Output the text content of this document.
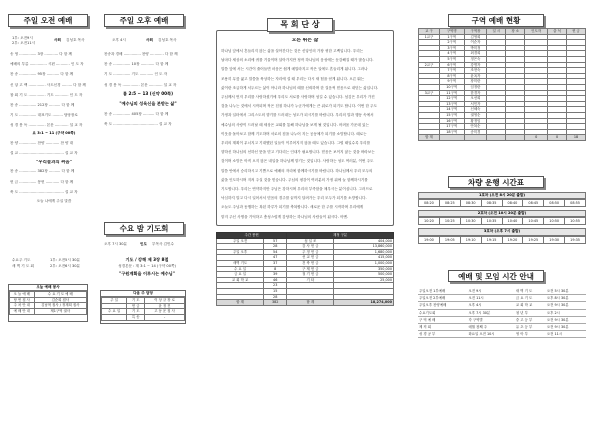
주일 오전 예배	주일 오후 예배
1부: 오전9시
2부: 오전11시
사회	김성호 목사	오후 4시	사회	김성호 목사
송 영 ............... 3장 ............ 다 함 께
예배의 부름 ............... 시편 ............ 인 도 자
찬 송 ............... 95장 ........... 다 함 께
신 앙 고 백 ............... 사도신경 ......... 다 함 께
참 회 기 도 ............... 기도 ............ 인 도 자
찬 송 ............... 212장 .......... 다 함 께
기 도 ............... 대표기도 ......... 담당장로
성 경 봉 독 ............... 본문 ............ 설 교 자
요 3:1 ~ 11 (구약 00쪽)
찬 양 ............... 찬양 ............ 찬 양 대
설 교 ....................................... 설 교 자
"우리들과의 싸움"
찬 송 ............... 382장 .......... 다 함 께
헌 금 ............... 봉헌 ............ 다 함 께
축 도 ....................................... 설 교 자
오늘 나에게 주실 말씀
찬송과 경배 ............... 찬양 ............ 다 함 께
찬 송 ............... 10장 ............ 다 함 께
기 도 ............... 기도 ............ 인 도 자
성 경 봉 독 ............... 본문 ............ 설 교 자
롬 2:5 ~ 13 (신약 00쪽)
"예수님의 성육신을 본받는 삶"
찬 송 ............... 405장 .......... 다 함 께
축 도 ....................................... 설 교 자
수요 밤 기도회
오후 7시 30분	인도	부목사 김민수
수요주 기도
새 벽 기 도 회
1부: 오전5시 30분
2부: 오전6시 30분
기도 / 강해 제 3장 8절
성경본문 : 계 3:1 ~ 14 (구약 00쪽)
"구원계획을 이루시는 예수님"
오늘 예배 봉사
오 늘 예 배	수 요 기 도 예 배
당 번 집 사	김순희 집사
주 차 안 내	김남혁 집사 / 정재희 집사
예 배 안 내	제1구역 권사
다음 주 담당
주 일	기 도	이 상 규 장 로
	헌 금	윤 정 진
수 요 일	기 도	고 동 운 집 사
	특 송	-
목 회 단 상
오른 뛰는 삶
하나님 앞에서 흔들리지 않는 삶을 살아간다는 것은 신앙인의 가장 귀한 고백입니다. 우리는
날마다 세상의 소리에 귀를 기울이며 살아가지만 정작 하나님의 음성에는 둔감해질 때가 많습니다.
말씀 앞에 서는 시간이 줄어들면 마음은 쉽게 메말라지고 작은 일에도 흔들리게 됩니다. 그러나
조용히 무릎 꿇고 말씀을 묵상하는 자리에 설 때 우리는 다시 새 힘을 얻게 됩니다. 오른 뛰는
삶이란 조급하게 서두르는 삶이 아니라 하나님의 때를 신뢰하며 한 걸음씩 믿음으로 내딛는 삶입니다.
주님께서 먼저 우리를 사랑하셨기에 우리도 서로를 사랑하며 섬길 수 있습니다. 섬김은 우리가 가진
것을 나누는 것에서 시작되며 작은 친절 하나가 누군가에게는 큰 위로가 되기도 합니다. 이번 한 주도
가정과 일터에서 그리스도의 향기를 드러내는 성도가 되시기를 바랍니다. 우리의 말과 행동 속에서
예수님의 사랑이 드러날 때 세상은 교회를 통해 하나님을 보게 될 것입니다. 어려움 가운데 있는
이웃을 돌아보고 함께 기도하며 서로의 짐을 나누어 지는 공동체가 되기를 소망합니다. 때로는
우리의 계획이 무너지고 기대했던 일들이 이루어지지 않을 때도 있습니다. 그럴 때일수록 우리를
향하신 하나님의 선하신 뜻을 믿고 기다리는 인내가 필요합니다. 믿음은 보이지 않는 것을 바라보는
것이며 소망은 아직 오지 않은 내일을 하나님께 맡기는 것입니다. 사랑하는 성도 여러분, 이번 주도
말씀 안에서 승리하시고 기쁨으로 예배의 자리에 함께하시기를 바랍니다. 하나님께서 우리 모두의
삶을 인도하시며 지켜 주실 것을 믿습니다. 주님의 평강이 여러분의 가정 위에 늘 함께하시기를
기도합니다. 우리는 연약하지만 주님은 강하시며 우리의 부족함을 채우시는 분이십니다. 그러므로
낙심하지 말고 다시 일어서서 믿음의 경주를 끝까지 달려가는 우리 모두가 되기를 소망합니다.
오늘도 주님과 동행하는 복된 하루가 되기를 축복합니다. 새로운 한 주를 시작하며 우리에게
맡겨 주신 사명을 기억하고 충성스럽게 감당하는 하나님의 사람들이 됩시다. 아멘.
주간 봉헌		재정 구분	
주일 오전	57	십 일 조	404,000
	28	감 사 헌 금	13,860,000
주일 오후	54	주 정 헌 금	1,680,000
	47	선 교 헌 금	415,000
새벽 기도	37	건 축 헌 금	1,000,000
수 요 일	8	구 제 헌 금	350,000
금 요 일	39	절 기 헌 금	500,000
교 회 학 교	46	기 타	25,000
	23		
	15		
	28		
합 계	382	합 계	18,274,000
구역 예배 현황
교 구	구역명	구역장	일 시	장 소	인도자	출 석	헌 금
1교구	1구역	김영희					
	2구역	이순자					
	3구역	박미정					
	4구역	최경희					
	5구역	정은숙					
2교구	6구역	강명자					
	7구역	조현숙					
	8구역	윤옥자					
	9구역	장미란					
	10구역	임정란					
3교구	11구역	한경자					
	12구역	오선희					
	13구역	서민자					
	14구역	신혜숙					
	15구역	권영순					
	16구역	황정임					
	17구역	안복순					
	18구역	송미경					
합 계					0	0	18
차량 운행 시간표
1호차 (오전 8시 20분 출발)
08:20	08:25	08:30	08:35	08:40	08:45	08:50	08:55
2호차 (오전 10시 20분 출발)
10:20	10:25	10:30	10:35	10:40	10:45	10:50	10:55
3호차 (오후 7시 출발)
19:00	19:05	19:10	19:15	19:20	19:25	19:30	19:35
예배 및 모임 시간 안내
주일오전 1부예배	오전 9시	새 벽 기 도	오전 5시 30분
주일오전 2부예배	오전 11시	금 요 기 도	오후 8시 30분
주일오후 찬양예배	오후 4시	교 회 학 교	오전 9시 30분
수요기도회	오후 7시 30분	청 년 부	오후 2시
구 역 예 배	각 구역별	중 고 등 부	오전 9시 30분
제 직 회	매월 첫째 주	유 초 등 부	오전 9시 30분
성 경 공 부	화요일 오전 10시	영 아 부	오전 11시
